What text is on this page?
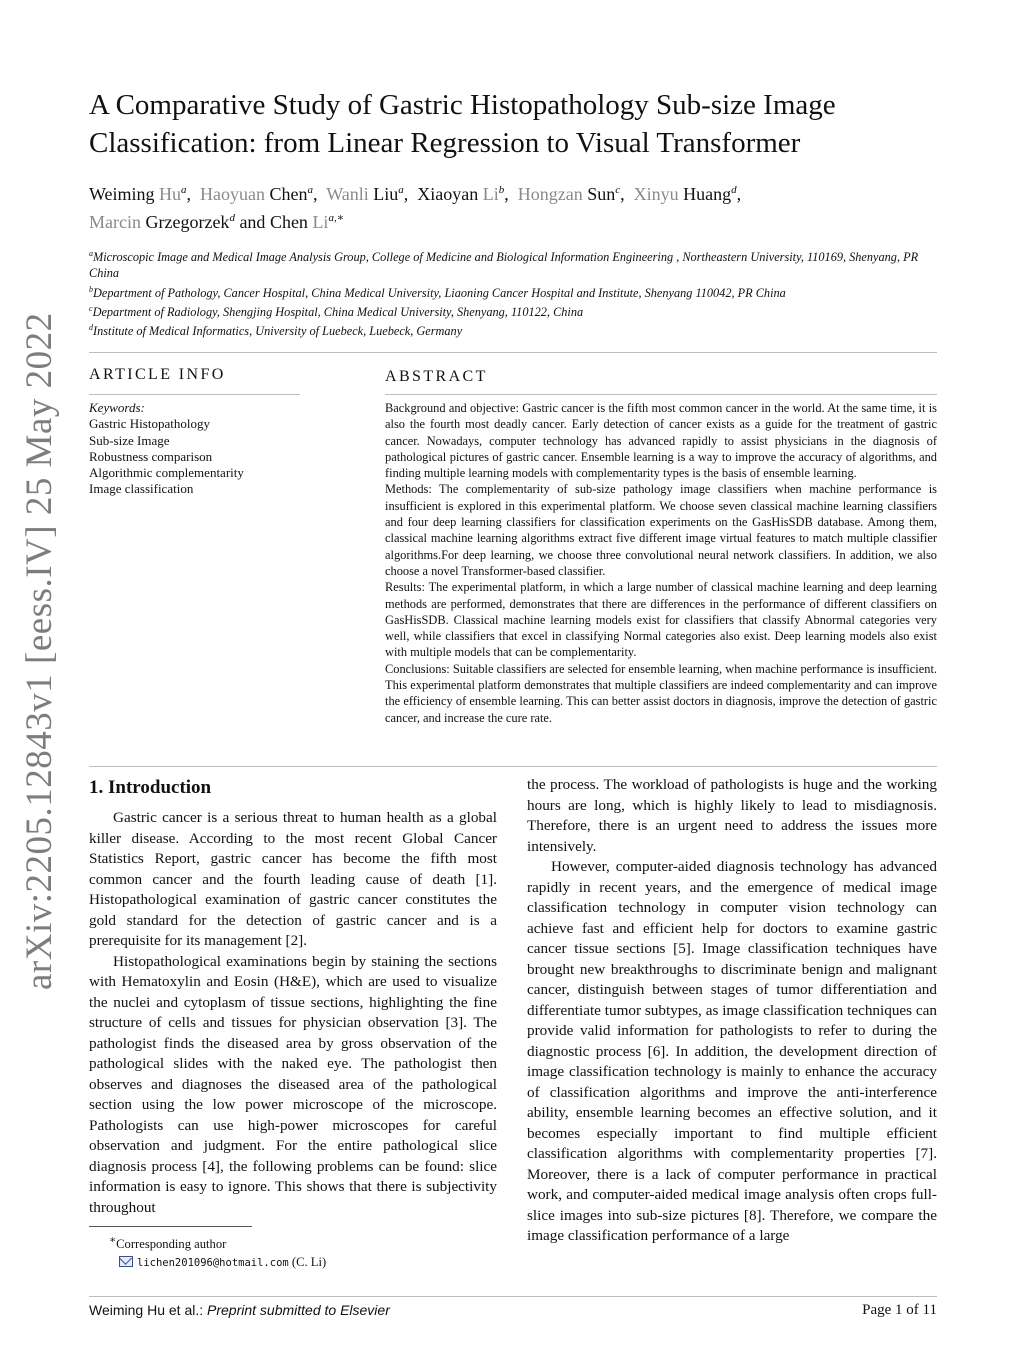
arXiv:2205.12843v1 [eess.IV] 25 May 2022
A Comparative Study of Gastric Histopathology Sub-size Image Classification: from Linear Regression to Visual Transformer
Weiming Hu$^a$,  Haoyuan Chen$^a$,  Wanli Liu$^a$,  Xiaoyan Li$^b$,  Hongzan Sun$^c$,  Xinyu Huang$^d$,
Marcin Grzegorzek$^d$ and Chen $Li^{a,∗}$
$^a$Microscopic Image and Medical Image Analysis Group, College of Medicine and Biological Information Engineering , Northeastern University, 110169, Shenyang, PR China
$^b$Department of Pathology, Cancer Hospital, China Medical University, Liaoning Cancer Hospital and Institute, Shenyang 110042, PR China
$^c$Department of Radiology, Shengjing Hospital, China Medical University, Shenyang, 110122, China
$^d$Institute of Medical Informatics, University of Luebeck, Luebeck, Germany
ARTICLE INFO
Keywords:
Gastric Histopathology
Sub-size Image
Robustness comparison
Algorithmic complementarity
Image classification
ABSTRACT

Background and objective: Gastric cancer is the fifth most common cancer in the world. At the same time, it is also the fourth most deadly cancer. Early detection of cancer exists as a guide for the treatment of gastric cancer. Nowadays, computer technology has advanced rapidly to assist physicians in the diagnosis of pathological pictures of gastric cancer. Ensemble learning is a way to improve the accuracy of algorithms, and finding multiple learning models with complementarity types is the basis of ensemble learning.

Methods: The complementarity of sub-size pathology image classifiers when machine performance is insufficient is explored in this experimental platform. We choose seven classical machine learning classifiers and four deep learning classifiers for classification experiments on the GasHisSDB database. Among them, classical machine learning algorithms extract five different image virtual features to match multiple classifier algorithms.For deep learning, we choose three convolutional neural network classifiers. In addition, we also choose a novel Transformer-based classifier.

Results: The experimental platform, in which a large number of classical machine learning and deep learning methods are performed, demonstrates that there are differences in the performance of different classifiers on GasHisSDB. Classical machine learning models exist for classifiers that classify Abnormal categories very well, while classifiers that excel in classifying Normal categories also exist. Deep learning models also exist with multiple models that can be complementarity.

Conclusions: Suitable classifiers are selected for ensemble learning, when machine performance is insufficient. This experimental platform demonstrates that multiple classifiers are indeed complementarity and can improve the efficiency of ensemble learning. This can better assist doctors in diagnosis, improve the detection of gastric cancer, and increase the cure rate.

1. Introduction

Gastric cancer is a serious threat to human health as a global killer disease. According to the most recent Global Cancer Statistics Report, gastric cancer has become the fifth most common cancer and the fourth leading cause of death [1]. Histopathological examination of gastric cancer constitutes the gold standard for the detection of gastric cancer and is a prerequisite for its management [2].

Histopathological examinations begin by staining the sections with Hematoxylin and Eosin (H&E), which are used to visualize the nuclei and cytoplasm of tissue sections, highlighting the fine structure of cells and tissues for physician observation [3]. The pathologist finds the diseased area by gross observation of the pathological slides with the naked eye. The pathologist then observes and diagnoses the diseased area of the pathological section using the low power microscope of the microscope. Pathologists can use high-power microscopes for careful observation and judgment. For the entire pathological slice diagnosis process [4], the following problems can be found: slice information is easy to ignore. This shows that there is subjectivity throughout

the process. The workload of pathologists is huge and the working hours are long, which is highly likely to lead to misdiagnosis. Therefore, there is an urgent need to address the issues more intensively.

However, computer-aided diagnosis technology has advanced rapidly in recent years, and the emergence of medical image classification technology in computer vision technology can achieve fast and efficient help for doctors to examine gastric cancer tissue sections [5]. Image classification techniques have brought new breakthroughs to discriminate benign and malignant cancer, distinguish between stages of tumor differentiation and differentiate tumor subtypes, as image classification techniques can provide valid information for pathologists to refer to during the diagnostic process [6]. In addition, the development direction of image classification technology is mainly to enhance the accuracy of classification algorithms and improve the anti-interference ability, ensemble learning becomes an effective solution, and it becomes especially important to find multiple efficient classification algorithms with complementarity properties [7]. Moreover, there is a lack of computer performance in practical work, and computer-aided medical image analysis often crops full-slice images into sub-size pictures [8]. Therefore, we compare the image classification performance of a large

∗Corresponding author
lichen201096@hotmail.com (C. Li)
Weiming Hu et al.: Preprint submitted to Elsevier	Page 1 of 11
